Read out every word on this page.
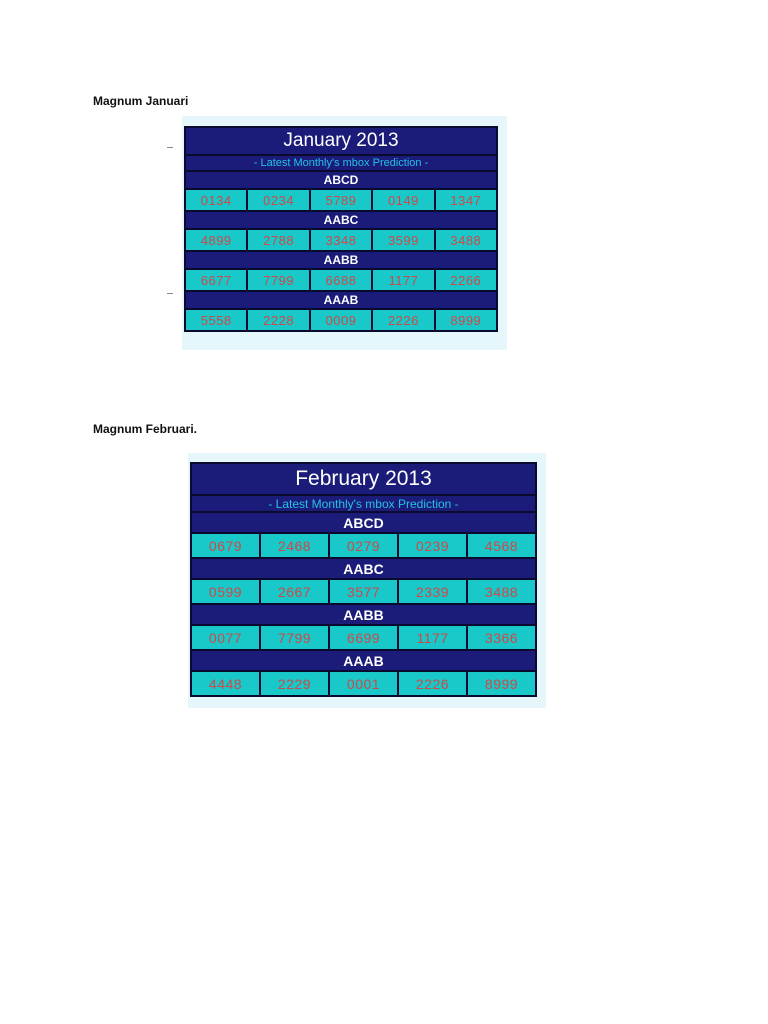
Magnum Januari
January 2013
- Latest Monthly's mbox Prediction -
ABCD
0134	0234	5789	0149	1347
AABC
4899	2788	3348	3599	3488
AABB
6677	7799	6688	1177	2266
AAAB
5558	2228	0009	2226	8999
Magnum Februari.
February 2013
- Latest Monthly's mbox Prediction -
ABCD
0679	2468	0279	0239	4568
AABC
0599	2667	3577	2339	3488
AABB
0077	7799	6699	1177	3366
AAAB
4448	2229	0001	2226	8999
